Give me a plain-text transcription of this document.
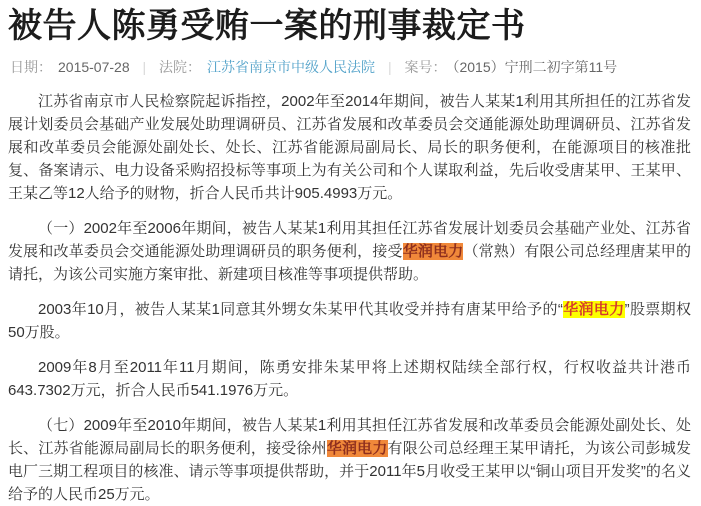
被告人陈勇受贿一案的刑事裁定书
日期： 2015-07-28 | 法院： 江苏省南京市中级人民法院 | 案号： （2015）宁刑二初字第11号

江苏省南京市人民检察院起诉指控，2002年至2014年期间，被告人某某1利用其所担任的江苏省发展计划委员会基础产业发展处助理调研员、江苏省发展和改革委员会交通能源处助理调研员、江苏省发展和改革委员会能源处副处长、处长、江苏省能源局副局长、局长的职务便利，在能源项目的核准批复、备案请示、电力设备采购招投标等事项上为有关公司和个人谋取利益，先后收受唐某甲、王某甲、王某乙等12人给予的财物，折合人民币共计905.4993万元。

（一）2002年至2006年期间，被告人某某1利用其担任江苏省发展计划委员会基础产业处、江苏省发展和改革委员会交通能源处助理调研员的职务便利，接受华润电力（常熟）有限公司总经理唐某甲的请托，为该公司实施方案审批、新建项目核准等事项提供帮助。

2003年10月，被告人某某1同意其外甥女朱某甲代其收受并持有唐某甲给予的“华润电力”股票期权50万股。

2009年8月至2011年11月期间，陈勇安排朱某甲将上述期权陆续全部行权，行权收益共计港币643.7302万元，折合人民币541.1976万元。

（七）2009年至2010年期间，被告人某某1利用其担任江苏省发展和改革委员会能源处副处长、处长、江苏省能源局副局长的职务便利，接受徐州华润电力有限公司总经理王某甲请托，为该公司彭城发电厂三期工程项目的核准、请示等事项提供帮助，并于2011年5月收受王某甲以“铜山项目开发奖”的名义给予的人民币25万元。
